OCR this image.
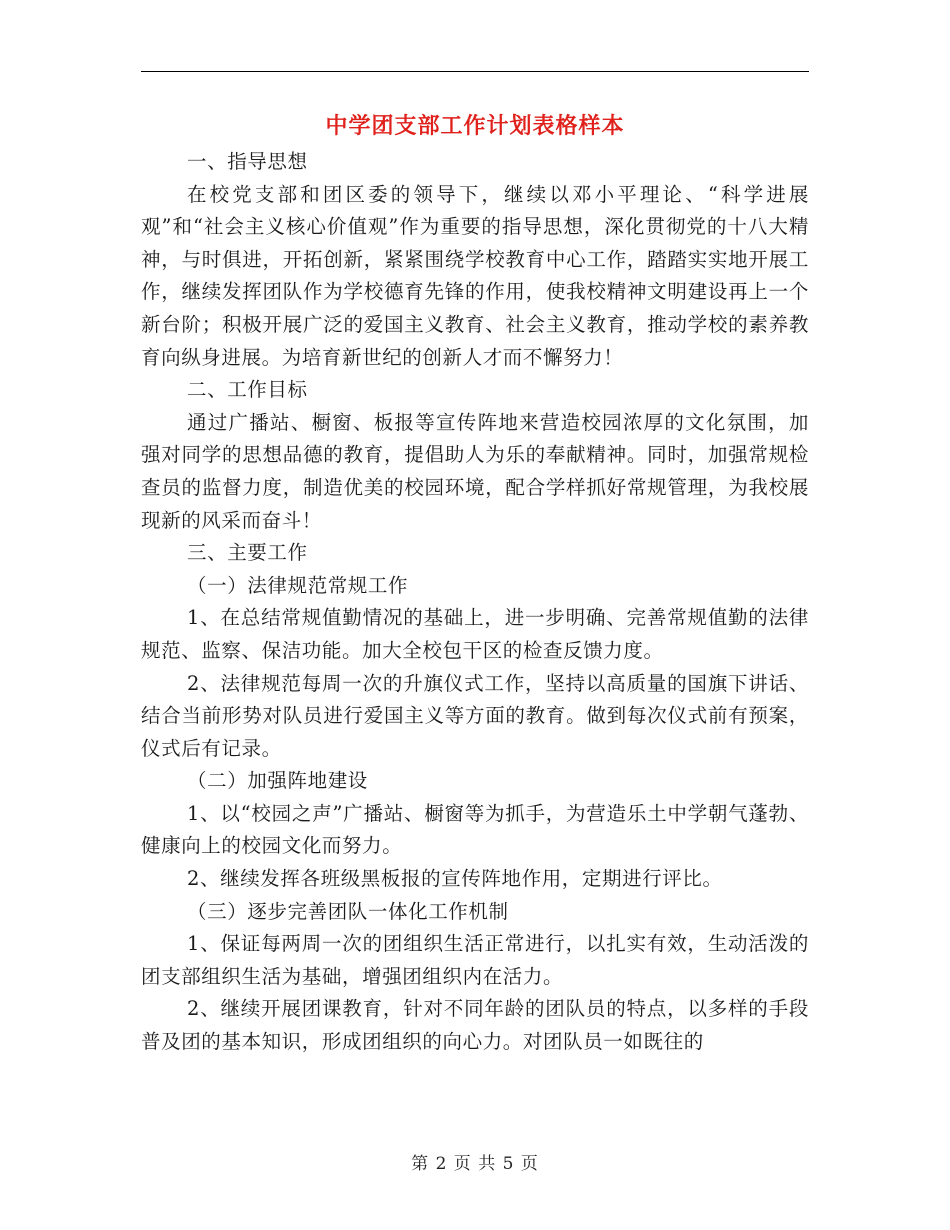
中学团支部工作计划表格样本

一、指导思想

在校党支部和团区委的领导下，继续以邓小平理论、“科学进展观”和“社会主义核心价值观”作为重要的指导思想，深化贯彻党的十八大精神，与时俱进，开拓创新，紧紧围绕学校教育中心工作，踏踏实实地开展工作，继续发挥团队作为学校德育先锋的作用，使我校精神文明建设再上一个新台阶；积极开展广泛的爱国主义教育、社会主义教育，推动学校的素养教育向纵身进展。为培育新世纪的创新人才而不懈努力！

二、工作目标

通过广播站、橱窗、板报等宣传阵地来营造校园浓厚的文化氛围，加强对同学的思想品德的教育，提倡助人为乐的奉献精神。同时，加强常规检查员的监督力度，制造优美的校园环境，配合学样抓好常规管理，为我校展现新的风采而奋斗！

三、主要工作

（一）法律规范常规工作

1、在总结常规值勤情况的基础上，进一步明确、完善常规值勤的法律规范、监察、保洁功能。加大全校包干区的检查反馈力度。

2、法律规范每周一次的升旗仪式工作，坚持以高质量的国旗下讲话、结合当前形势对队员进行爱国主义等方面的教育。做到每次仪式前有预案，仪式后有记录。

（二）加强阵地建设

1、以“校园之声”广播站、橱窗等为抓手，为营造乐土中学朝气蓬勃、健康向上的校园文化而努力。

2、继续发挥各班级黑板报的宣传阵地作用，定期进行评比。

（三）逐步完善团队一体化工作机制

1、保证每两周一次的团组织生活正常进行，以扎实有效，生动活泼的团支部组织生活为基础，增强团组织内在活力。

2、继续开展团课教育，针对不同年龄的团队员的特点，以多样的手段普及团的基本知识，形成团组织的向心力。对团队员一如既往的

第 2 页 共 5 页
